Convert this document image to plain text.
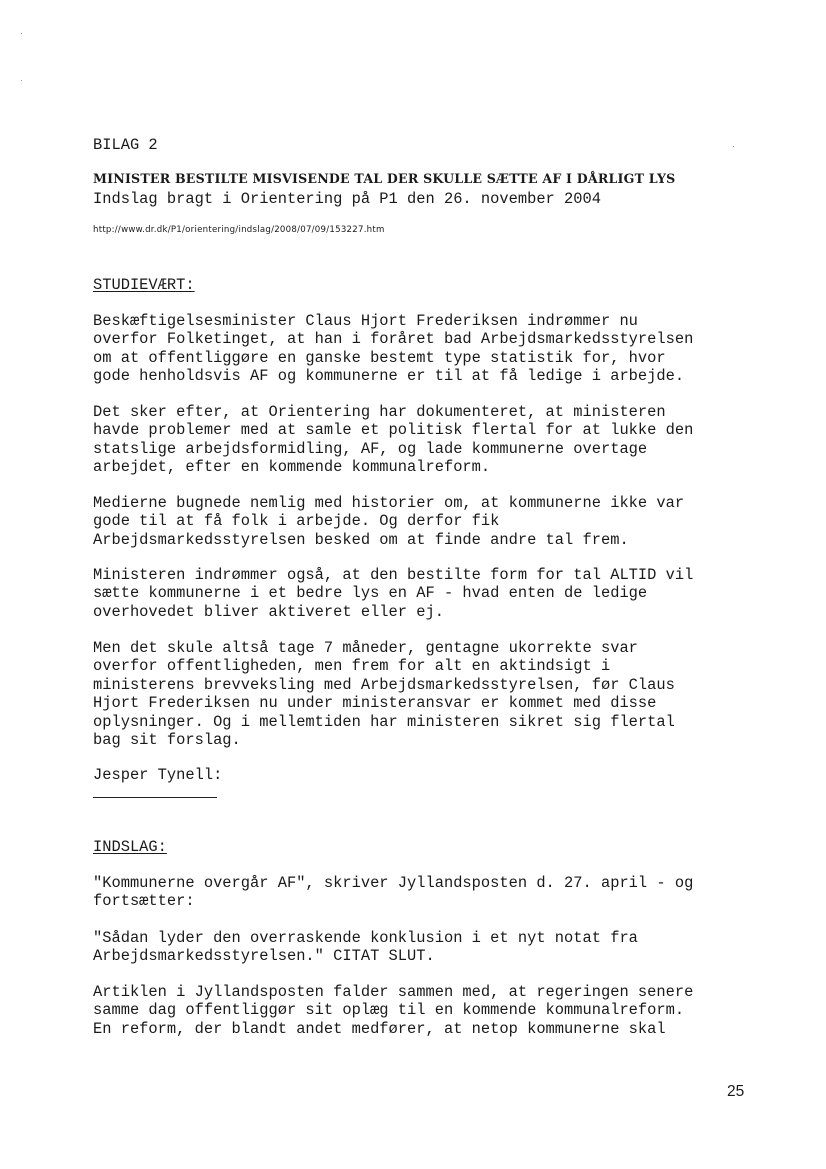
BILAG 2
MINISTER BESTILTE MISVISENDE TAL DER SKULLE SÆTTE AF I DÅRLIGT LYS
Indslag bragt i Orientering på P1 den 26. november 2004
http://www.dr.dk/P1/orientering/indslag/2008/07/09/153227.htm
STUDIEVÆRT:
Beskæftigelsesminister Claus Hjort Frederiksen indrømmer nu
overfor Folketinget, at han i foråret bad Arbejdsmarkedsstyrelsen
om at offentliggøre en ganske bestemt type statistik for, hvor
gode henholdsvis AF og kommunerne er til at få ledige i arbejde.
Det sker efter, at Orientering har dokumenteret, at ministeren
havde problemer med at samle et politisk flertal for at lukke den
statslige arbejdsformidling, AF, og lade kommunerne overtage
arbejdet, efter en kommende kommunalreform.
Medierne bugnede nemlig med historier om, at kommunerne ikke var
gode til at få folk i arbejde. Og derfor fik
Arbejdsmarkedsstyrelsen besked om at finde andre tal frem.
Ministeren indrømmer også, at den bestilte form for tal ALTID vil
sætte kommunerne i et bedre lys en AF - hvad enten de ledige
overhovedet bliver aktiveret eller ej.
Men det skule altså tage 7 måneder, gentagne ukorrekte svar
overfor offentligheden, men frem for alt en aktindsigt i
ministerens brevveksling med Arbejdsmarkedsstyrelsen, før Claus
Hjort Frederiksen nu under ministeransvar er kommet med disse
oplysninger. Og i mellemtiden har ministeren sikret sig flertal
bag sit forslag.
Jesper Tynell:
INDSLAG:
"Kommunerne overgår AF", skriver Jyllandsposten d. 27. april - og
fortsætter:
"Sådan lyder den overraskende konklusion i et nyt notat fra
Arbejdsmarkedsstyrelsen." CITAT SLUT.
Artiklen i Jyllandsposten falder sammen med, at regeringen senere
samme dag offentliggør sit oplæg til en kommende kommunalreform.
En reform, der blandt andet medfører, at netop kommunerne skal
25
